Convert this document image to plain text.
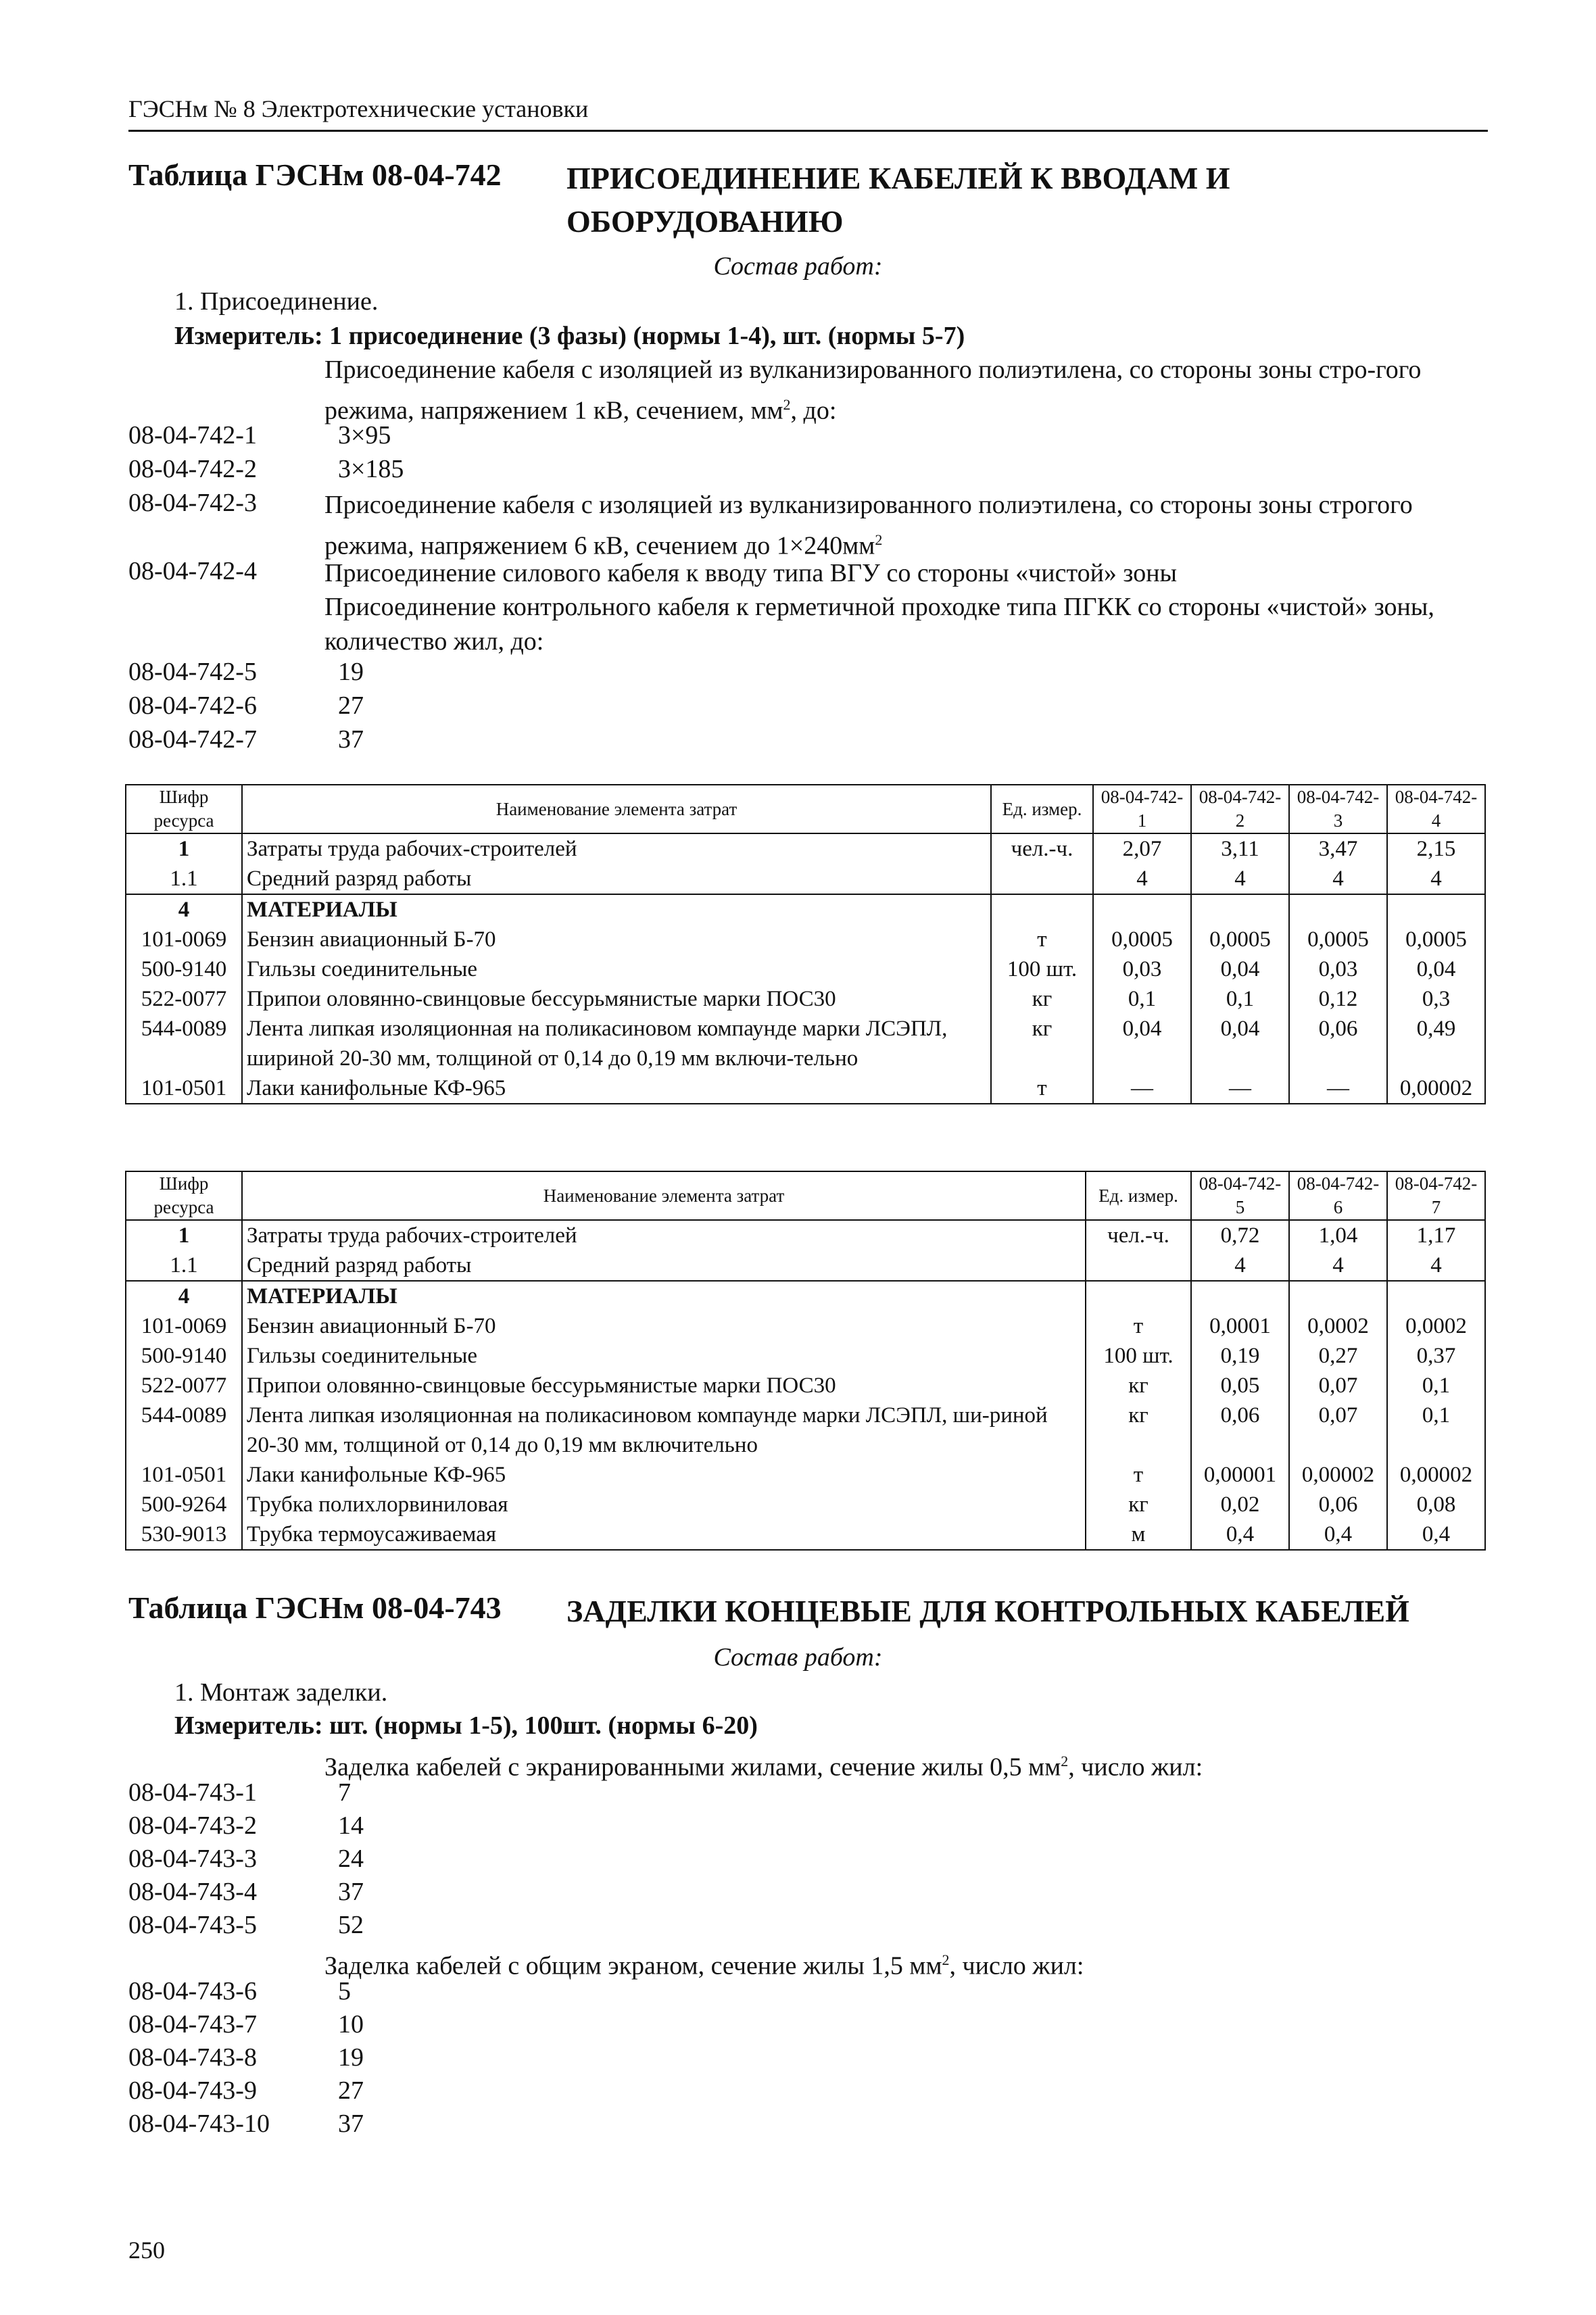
ГЭСНм № 8 Электротехнические установки
Таблица ГЭСНм 08-04-742 ПРИСОЕДИНЕНИЕ КАБЕЛЕЙ К ВВОДАМ И ОБОРУДОВАНИЮ
Состав работ:
1. Присоединение.
Измеритель: 1 присоединение (3 фазы) (нормы 1-4), шт. (нормы 5-7)
Присоединение кабеля с изоляцией из вулканизированного полиэтилена, со стороны зоны стро-гого режима, напряжением 1 кВ, сечением, $мм^2$, до:
08-04-742-1	3×95
08-04-742-2	3×185
08-04-742-3	Присоединение кабеля с изоляцией из вулканизированного полиэтилена, со стороны зоны строгого режима, напряжением 6 кВ, сечением до $1\times 240мм^2$
08-04-742-4	Присоединение силового кабеля к вводу типа ВГУ со стороны «чистой» зоны
Присоединение контрольного кабеля к герметичной проходке типа ПГКК со стороны «чистой» зоны, количество жил, до:
08-04-742-5	19
08-04-742-6	27
08-04-742-7	37
Шифр ресурса	Наименование элемента затрат	Ед. измер.	08-04-742-1	08-04-742-2	08-04-742-3	08-04-742-4
1	Затраты труда рабочих-строителей	чел.-ч.	2,07	3,11	3,47	2,15
1.1	Средний разряд работы		4	4	4	4
4	МАТЕРИАЛЫ					
101-0069	Бензин авиационный Б-70	т	0,0005	0,0005	0,0005	0,0005
500-9140	Гильзы соединительные	100 шт.	0,03	0,04	0,03	0,04
522-0077	Припои оловянно-свинцовые бессурьмянистые марки ПОС30	кг	0,1	0,1	0,12	0,3
544-0089	Лента липкая изоляционная на поликасиновом компаунде марки ЛСЭПЛ, шириной 20-30 мм, толщиной от 0,14 до 0,19 мм включи-тельно	кг	0,04	0,04	0,06	0,49
101-0501	Лаки канифольные КФ-965	т	—	—	—	0,00002
Шифр ресурса	Наименование элемента затрат	Ед. измер.	08-04-742-5	08-04-742-6	08-04-742-7
1	Затраты труда рабочих-строителей	чел.-ч.	0,72	1,04	1,17
1.1	Средний разряд работы		4	4	4
4	МАТЕРИАЛЫ				
101-0069	Бензин авиационный Б-70	т	0,0001	0,0002	0,0002
500-9140	Гильзы соединительные	100 шт.	0,19	0,27	0,37
522-0077	Припои оловянно-свинцовые бессурьмянистые марки ПОС30	кг	0,05	0,07	0,1
544-0089	Лента липкая изоляционная на поликасиновом компаунде марки ЛСЭПЛ, ши-риной 20-30 мм, толщиной от 0,14 до 0,19 мм включительно	кг	0,06	0,07	0,1
101-0501	Лаки канифольные КФ-965	т	0,00001	0,00002	0,00002
500-9264	Трубка полихлорвиниловая	кг	0,02	0,06	0,08
530-9013	Трубка термоусаживаемая	м	0,4	0,4	0,4
Таблица ГЭСНм 08-04-743 ЗАДЕЛКИ КОНЦЕВЫЕ ДЛЯ КОНТРОЛЬНЫХ КАБЕЛЕЙ
Состав работ:
1. Монтаж заделки.
Измеритель: шт. (нормы 1-5), 100шт. (нормы 6-20)
Заделка кабелей с экранированными жилами, сечение жилы 0,5 $мм^2$, число жил:
08-04-743-1	7
08-04-743-2	14
08-04-743-3	24
08-04-743-4	37
08-04-743-5	52
Заделка кабелей с общим экраном, сечение жилы 1,5 $мм^2$, число жил:
08-04-743-6	5
08-04-743-7	10
08-04-743-8	19
08-04-743-9	27
08-04-743-10	37
250
